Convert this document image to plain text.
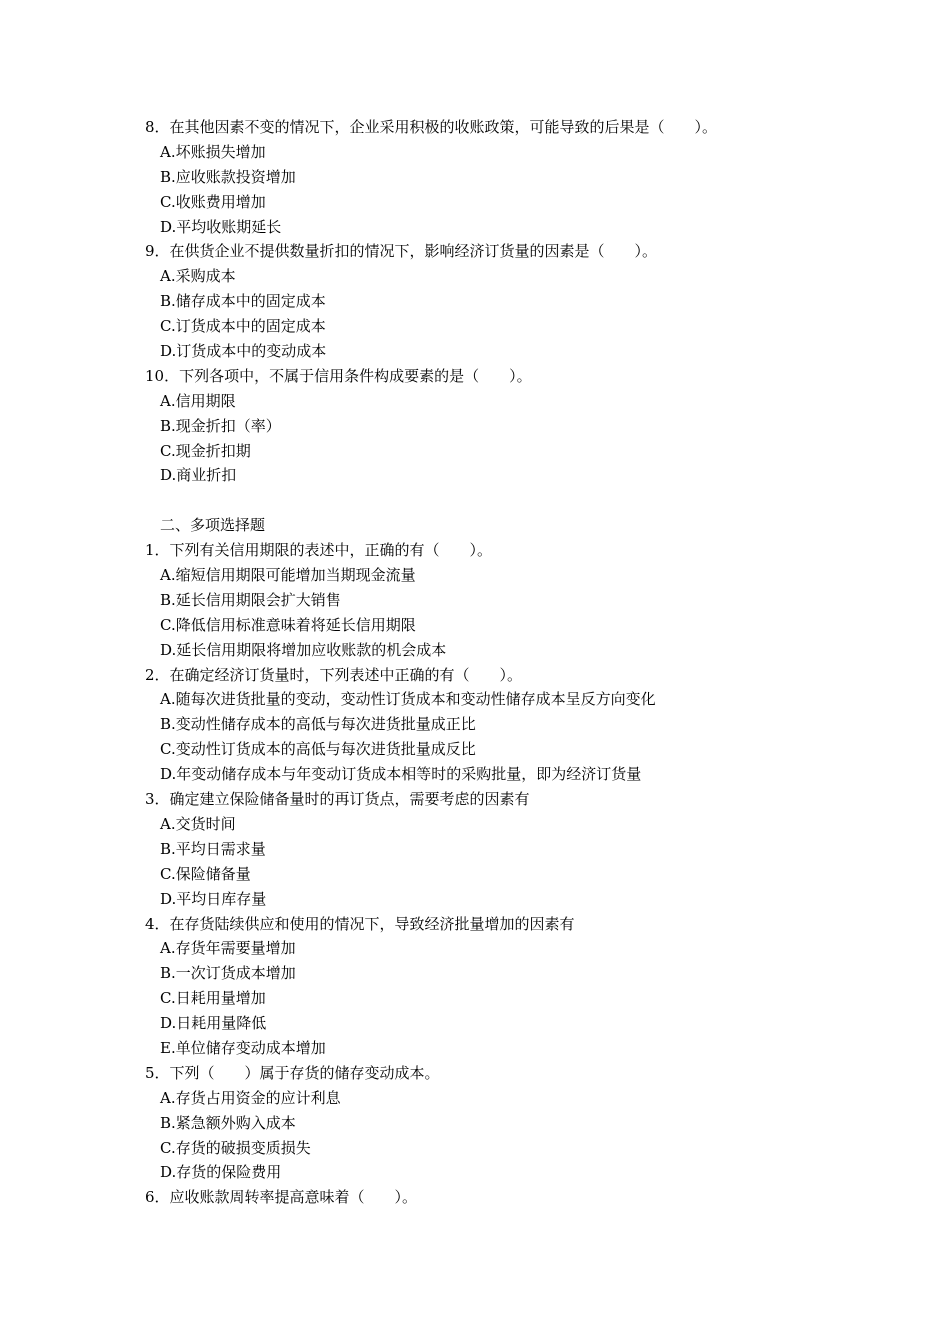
8．在其他因素不变的情况下，企业采用积极的收账政策，可能导致的后果是（　　）。
A.坏账损失增加
B.应收账款投资增加
C.收账费用增加
D.平均收账期延长
9．在供货企业不提供数量折扣的情况下，影响经济订货量的因素是（　　）。
A.采购成本
B.储存成本中的固定成本
C.订货成本中的固定成本
D.订货成本中的变动成本
10．下列各项中，不属于信用条件构成要素的是（　　）。
A.信用期限
B.现金折扣（率）
C.现金折扣期
D.商业折扣
二、多项选择题
1．下列有关信用期限的表述中，正确的有（　　）。
A.缩短信用期限可能增加当期现金流量
B.延长信用期限会扩大销售
C.降低信用标准意味着将延长信用期限
D.延长信用期限将增加应收账款的机会成本
2．在确定经济订货量时，下列表述中正确的有（　　）。
A.随每次进货批量的变动，变动性订货成本和变动性储存成本呈反方向变化
B.变动性储存成本的高低与每次进货批量成正比
C.变动性订货成本的高低与每次进货批量成反比
D.年变动储存成本与年变动订货成本相等时的采购批量，即为经济订货量
3．确定建立保险储备量时的再订货点，需要考虑的因素有
A.交货时间
B.平均日需求量
C.保险储备量
D.平均日库存量
4．在存货陆续供应和使用的情况下，导致经济批量增加的因素有
A.存货年需要量增加
B.一次订货成本增加
C.日耗用量增加
D.日耗用量降低
E.单位储存变动成本增加
5．下列（　　）属于存货的储存变动成本。
A.存货占用资金的应计利息
B.紧急额外购入成本
C.存货的破损变质损失
D.存货的保险费用
6．应收账款周转率提高意味着（　　）。
